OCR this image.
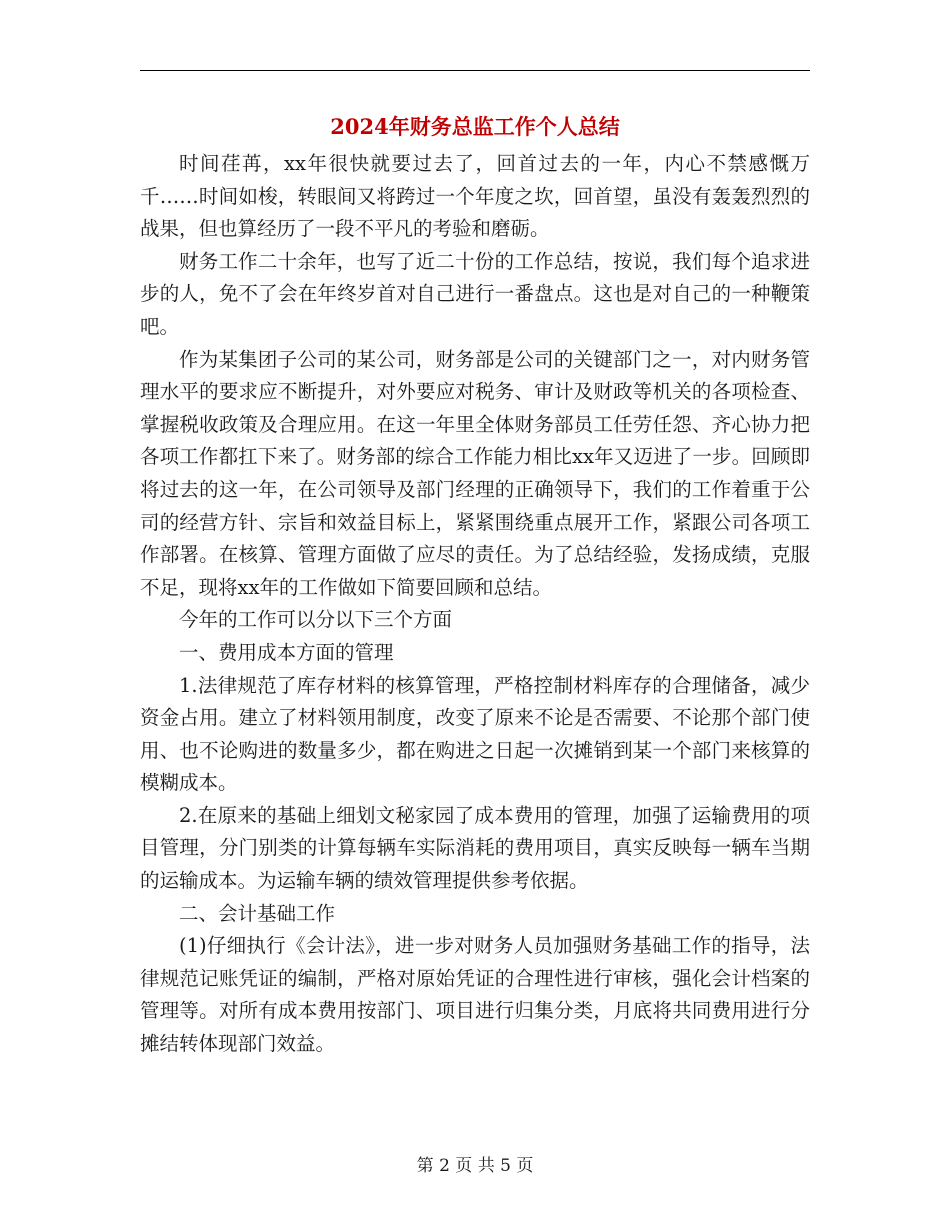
2024年财务总监工作个人总结

时间荏苒，xx年很快就要过去了，回首过去的一年，内心不禁感慨万千……时间如梭，转眼间又将跨过一个年度之坎，回首望，虽没有轰轰烈烈的战果，但也算经历了一段不平凡的考验和磨砺。

财务工作二十余年，也写了近二十份的工作总结，按说，我们每个追求进步的人，免不了会在年终岁首对自己进行一番盘点。这也是对自己的一种鞭策吧。

作为某集团子公司的某公司，财务部是公司的关键部门之一，对内财务管理水平的要求应不断提升，对外要应对税务、审计及财政等机关的各项检查、掌握税收政策及合理应用。在这一年里全体财务部员工任劳任怨、齐心协力把各项工作都扛下来了。财务部的综合工作能力相比xx年又迈进了一步。回顾即将过去的这一年，在公司领导及部门经理的正确领导下，我们的工作着重于公司的经营方针、宗旨和效益目标上，紧紧围绕重点展开工作，紧跟公司各项工作部署。在核算、管理方面做了应尽的责任。为了总结经验，发扬成绩，克服不足，现将xx年的工作做如下简要回顾和总结。

今年的工作可以分以下三个方面

一、费用成本方面的管理

1.法律规范了库存材料的核算管理，严格控制材料库存的合理储备，减少资金占用。建立了材料领用制度，改变了原来不论是否需要、不论那个部门使用、也不论购进的数量多少，都在购进之日起一次摊销到某一个部门来核算的模糊成本。

2.在原来的基础上细划文秘家园了成本费用的管理，加强了运输费用的项目管理，分门别类的计算每辆车实际消耗的费用项目，真实反映每一辆车当期的运输成本。为运输车辆的绩效管理提供参考依据。

二、会计基础工作

(1)仔细执行《会计法》，进一步对财务人员加强财务基础工作的指导，法律规范记账凭证的编制，严格对原始凭证的合理性进行审核，强化会计档案的管理等。对所有成本费用按部门、项目进行归集分类，月底将共同费用进行分摊结转体现部门效益。

第 2 页 共 5 页
